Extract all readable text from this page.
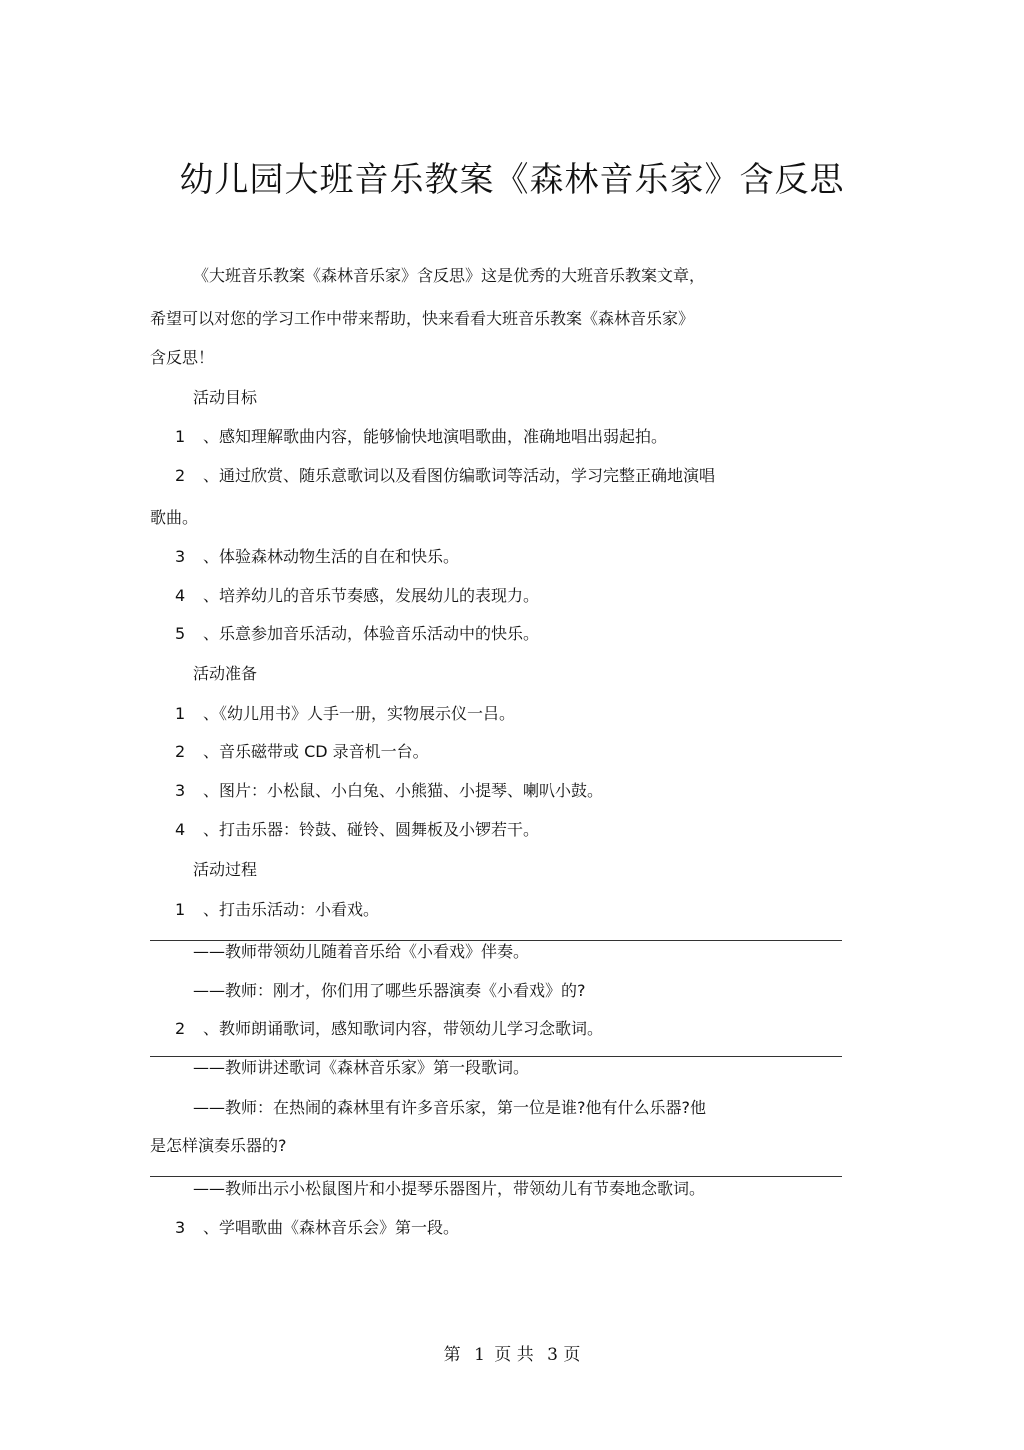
幼儿园大班音乐教案《森林音乐家》含反思
《大班音乐教案《森林音乐家》含反思》这是优秀的大班音乐教案文章，
希望可以对您的学习工作中带来帮助，快来看看大班音乐教案《森林音乐家》
含反思！
活动目标
1 、感知理解歌曲内容，能够愉快地演唱歌曲，准确地唱出弱起拍。
2 、通过欣赏、随乐意歌词以及看图仿编歌词等活动，学习完整正确地演唱
歌曲。
3 、体验森林动物生活的自在和快乐。
4 、培养幼儿的音乐节奏感，发展幼儿的表现力。
5 、乐意参加音乐活动，体验音乐活动中的快乐。
活动准备
1 、《幼儿用书》人手一册，实物展示仪一吕。
2 、音乐磁带或 CD 录音机一台。
3 、图片：小松鼠、小白兔、小熊猫、小提琴、喇叭小鼓。
4 、打击乐器：铃鼓、碰铃、圆舞板及小锣若干。
活动过程
1 、打击乐活动：小看戏。
——教师带领幼儿随着音乐给《小看戏》伴奏。
——教师：刚才，你们用了哪些乐器演奏《小看戏》的?
2 、教师朗诵歌词，感知歌词内容，带领幼儿学习念歌词。
——教师讲述歌词《森林音乐家》第一段歌词。
——教师：在热闹的森林里有许多音乐家，第一位是谁?他有什么乐器?他
是怎样演奏乐器的?
——教师出示小松鼠图片和小提琴乐器图片，带领幼儿有节奏地念歌词。
3 、学唱歌曲《森林音乐会》第一段。
第 1 页 共 3 页
